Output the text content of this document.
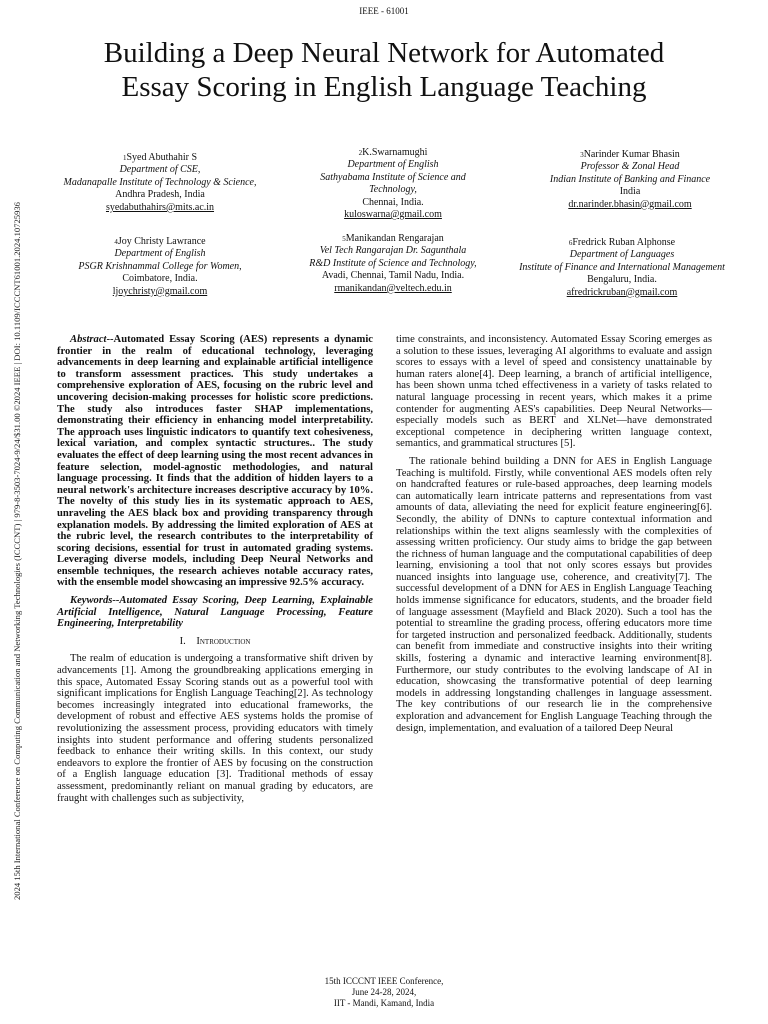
IEEE - 61001
2024 15th International Conference on Computing Communication and Networking Technologies (ICCCNT) | 979-8-3503-7024-9/24/$31.00 ©2024 IEEE | DOI: 10.1109/ICCCNT61001.2024.10725936
Building a Deep Neural Network for Automated
Essay Scoring in English Language Teaching
$^1$Syed Abuthahir S
Department of CSE,
Madanapalle Institute of Technology & Science,
Andhra Pradesh, India
syedabuthahirs@mits.ac.in
$^2$K.Swarnamughi
Department of English
Sathyabama Institute of Science and Technology,
Chennai, India.
kuloswarna@gmail.com
$^3$Narinder Kumar Bhasin
Professor & Zonal Head
Indian Institute of Banking and Finance
India
dr.narinder.bhasin@gmail.com
$^4$Joy Christy Lawrance
Department of English
PSGR Krishnammal College for Women,
Coimbatore, India.
ljoychristy@gmail.com
$^5$Manikandan Rengarajan
Vel Tech Rangarajan Dr. Sagunthala
R&D Institute of Science and Technology,
Avadi, Chennai, Tamil Nadu, India.
rmanikandan@veltech.edu.in
$^6$Fredrick Ruban Alphonse
Department of Languages
Institute of Finance and International Management
Bengaluru, India.
afredrickruban@gmail.com

Abstract--Automated Essay Scoring (AES) represents a dynamic frontier in the realm of educational technology, leveraging advancements in deep learning and explainable artificial intelligence to transform assessment practices. This study undertakes a comprehensive exploration of AES, focusing on the rubric level and uncovering decision-making processes for holistic score predictions. The study also introduces faster SHAP implementations, demonstrating their efficiency in enhancing model interpretability. The approach uses linguistic indicators to quantify text cohesiveness, lexical variation, and complex syntactic structures.. The study evaluates the effect of deep learning using the most recent advances in feature selection, model-agnostic methodologies, and natural language processing. It finds that the addition of hidden layers to a neural network's architecture increases descriptive accuracy by 10%. The novelty of this study lies in its systematic approach to AES, unraveling the AES black box and providing transparency through explanation models. By addressing the limited exploration of AES at the rubric level, the research contributes to the interpretability of scoring decisions, essential for trust in automated grading systems. Leveraging diverse models, including Deep Neural Networks and ensemble techniques, the research achieves notable accuracy rates, with the ensemble model showcasing an impressive 92.5% accuracy.

Keywords--Automated Essay Scoring, Deep Learning, Explainable Artificial Intelligence, Natural Language Processing, Feature Engineering, Interpretability

I. Introduction

The realm of education is undergoing a transformative shift driven by advancements [1]. Among the groundbreaking applications emerging in this space, Automated Essay Scoring stands out as a powerful tool with significant implications for English Language Teaching[2]. As technology becomes increasingly integrated into educational frameworks, the development of robust and effective AES systems holds the promise of revolutionizing the assessment process, providing educators with timely insights into student performance and offering students personalized feedback to enhance their writing skills. In this context, our study endeavors to explore the frontier of AES by focusing on the construction of a English language education [3]. Traditional methods of essay assessment, predominantly reliant on manual grading by educators, are fraught with challenges such as subjectivity,

time constraints, and inconsistency. Automated Essay Scoring emerges as a solution to these issues, leveraging AI algorithms to evaluate and assign scores to essays with a level of speed and consistency unattainable by human raters alone[4]. Deep learning, a branch of artificial intelligence, has been shown unma tched effectiveness in a variety of tasks related to natural language processing in recent years, which makes it a prime contender for augmenting AES's capabilities. Deep Neural Networks—especially models such as BERT and XLNet—have demonstrated exceptional competence in deciphering written language context, semantics, and grammatical structures [5].

The rationale behind building a DNN for AES in English Language Teaching is multifold. Firstly, while conventional AES models often rely on handcrafted features or rule-based approaches, deep learning models can automatically learn intricate patterns and representations from vast amounts of data, alleviating the need for explicit feature engineering[6]. Secondly, the ability of DNNs to capture contextual information and relationships within the text aligns seamlessly with the complexities of assessing written proficiency. Our study aims to bridge the gap between the richness of human language and the computational capabilities of deep learning, envisioning a tool that not only scores essays but provides nuanced insights into language use, coherence, and creativity[7]. The successful development of a DNN for AES in English Language Teaching holds immense significance for educators, students, and the broader field of language assessment (Mayfield and Black 2020). Such a tool has the potential to streamline the grading process, offering educators more time for targeted instruction and personalized feedback. Additionally, students can benefit from immediate and constructive insights into their writing skills, fostering a dynamic and interactive learning environment[8]. Furthermore, our study contributes to the evolving landscape of AI in education, showcasing the transformative potential of deep learning models in addressing longstanding challenges in language assessment. The key contributions of our research lie in the comprehensive exploration and advancement for English Language Teaching through the design, implementation, and evaluation of a tailored Deep Neural

15th ICCCNT IEEE Conference,
June 24-28, 2024,
IIT - Mandi, Kamand, India
